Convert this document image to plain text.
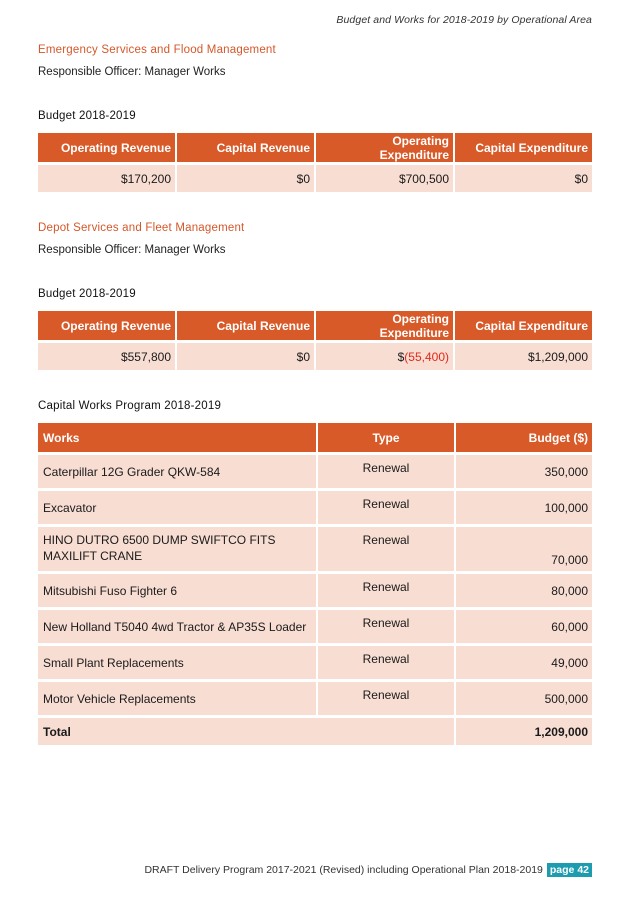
Budget and Works for 2018-2019 by Operational Area
Emergency Services and Flood Management
Responsible Officer: Manager Works
Budget 2018-2019
Operating Revenue	Capital Revenue	Operating Expenditure	Capital Expenditure
$170,200	$0	$700,500	$0
Depot Services and Fleet Management
Responsible Officer: Manager Works
Budget 2018-2019
Operating Revenue	Capital Revenue	Operating Expenditure	Capital Expenditure
$557,800	$0	$(55,400)	$1,209,000
Capital Works Program 2018-2019
Works	Type	Budget ($)
Caterpillar 12G Grader QKW-584	Renewal	350,000
Excavator	Renewal	100,000
HINO DUTRO 6500 DUMP SWIFTCO FITS
MAXILIFT CRANE	Renewal	70,000
Mitsubishi Fuso Fighter 6	Renewal	80,000
New Holland T5040 4wd Tractor & AP35S Loader	Renewal	60,000
Small Plant Replacements	Renewal	49,000
Motor Vehicle Replacements	Renewal	500,000
Total		1,209,000
DRAFT Delivery Program 2017-2021 (Revised) including Operational Plan 2018-2019 page 42
